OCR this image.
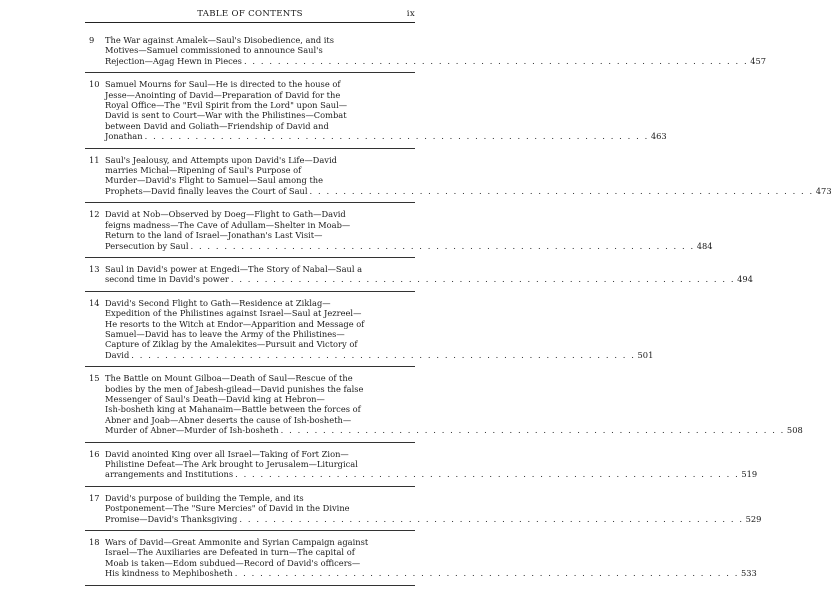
TABLE OF CONTENTS	ix
9 The War against Amalek—Saul's Disobedience, and its
Motives—Samuel commissioned to announce Saul's
Rejection—Agag Hewn in Pieces . . . . . . . . . . . . . . . . . . . . . . . . . . . . . . . . . . . . . . . . . . . . . . . . . . . . . . . . . . . . 457
10 Samuel Mourns for Saul—He is directed to the house of
Jesse—Anointing of David—Preparation of David for the
Royal Office—The "Evil Spirit from the Lord" upon Saul—
David is sent to Court—War with the Philistines—Combat
between David and Goliath—Friendship of David and
Jonathan . . . . . . . . . . . . . . . . . . . . . . . . . . . . . . . . . . . . . . . . . . . . . . . . . . . . . . . . . . . . 463
11 Saul's Jealousy, and Attempts upon David's Life—David
marries Michal—Ripening of Saul's Purpose of
Murder—David's Flight to Samuel—Saul among the
Prophets—David finally leaves the Court of Saul . . . . . . . . . . . . . . . . . . . . . . . . . . . . . . . . . . . . . . . . . . . . . . . . . . . . . . . . . . . . 473
12 David at Nob—Observed by Doeg—Flight to Gath—David
feigns madness—The Cave of Adullam—Shelter in Moab—
Return to the land of Israel—Jonathan's Last Visit—
Persecution by Saul . . . . . . . . . . . . . . . . . . . . . . . . . . . . . . . . . . . . . . . . . . . . . . . . . . . . . . . . . . . . 484
13 Saul in David's power at Engedi—The Story of Nabal—Saul a
second time in David's power . . . . . . . . . . . . . . . . . . . . . . . . . . . . . . . . . . . . . . . . . . . . . . . . . . . . . . . . . . . . 494
14 David's Second Flight to Gath—Residence at Ziklag—
Expedition of the Philistines against Israel—Saul at Jezreel—
He resorts to the Witch at Endor—Apparition and Message of
Samuel—David has to leave the Army of the Philistines—
Capture of Ziklag by the Amalekites—Pursuit and Victory of
David . . . . . . . . . . . . . . . . . . . . . . . . . . . . . . . . . . . . . . . . . . . . . . . . . . . . . . . . . . . . 501
15 The Battle on Mount Gilboa—Death of Saul—Rescue of the
bodies by the men of Jabesh-gilead—David punishes the false
Messenger of Saul's Death—David king at Hebron—
Ish-bosheth king at Mahanaim—Battle between the forces of
Abner and Joab—Abner deserts the cause of Ish-bosheth—
Murder of Abner—Murder of Ish-bosheth . . . . . . . . . . . . . . . . . . . . . . . . . . . . . . . . . . . . . . . . . . . . . . . . . . . . . . . . . . . . 508
16 David anointed King over all Israel—Taking of Fort Zion—
Philistine Defeat—The Ark brought to Jerusalem—Liturgical
arrangements and Institutions . . . . . . . . . . . . . . . . . . . . . . . . . . . . . . . . . . . . . . . . . . . . . . . . . . . . . . . . . . . . 519
17 David's purpose of building the Temple, and its
Postponement—The "Sure Mercies" of David in the Divine
Promise—David's Thanksgiving . . . . . . . . . . . . . . . . . . . . . . . . . . . . . . . . . . . . . . . . . . . . . . . . . . . . . . . . . . . . 529
18 Wars of David—Great Ammonite and Syrian Campaign against
Israel—The Auxiliaries are Defeated in turn—The capital of
Moab is taken—Edom subdued—Record of David's officers—
His kindness to Mephibosheth . . . . . . . . . . . . . . . . . . . . . . . . . . . . . . . . . . . . . . . . . . . . . . . . . . . . . . . . . . . . 533
